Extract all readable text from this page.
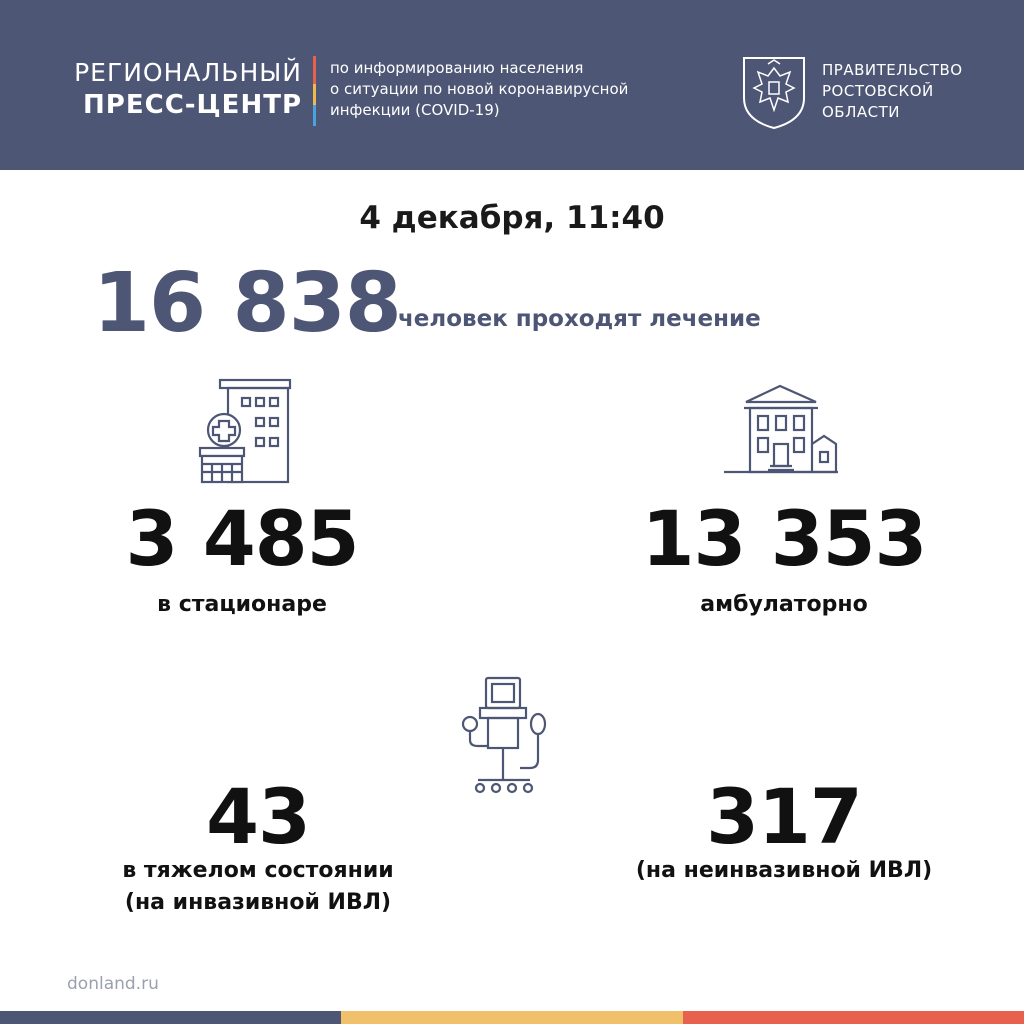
РЕГИОНАЛЬНЫЙ
ПРЕСС-ЦЕНТР
по информированию населения
о ситуации по новой коронавирусной
инфекции (COVID-19)
ПРАВИТЕЛЬСТВО
РОСТОВСКОЙ
ОБЛАСТИ
4 декабря, 11:40
16 838
человек проходят лечение
3 485
в стационаре
13 353
амбулаторно
43
в тяжелом состоянии
(на инвазивной ИВЛ)
317
(на неинвазивной ИВЛ)
donland.ru
